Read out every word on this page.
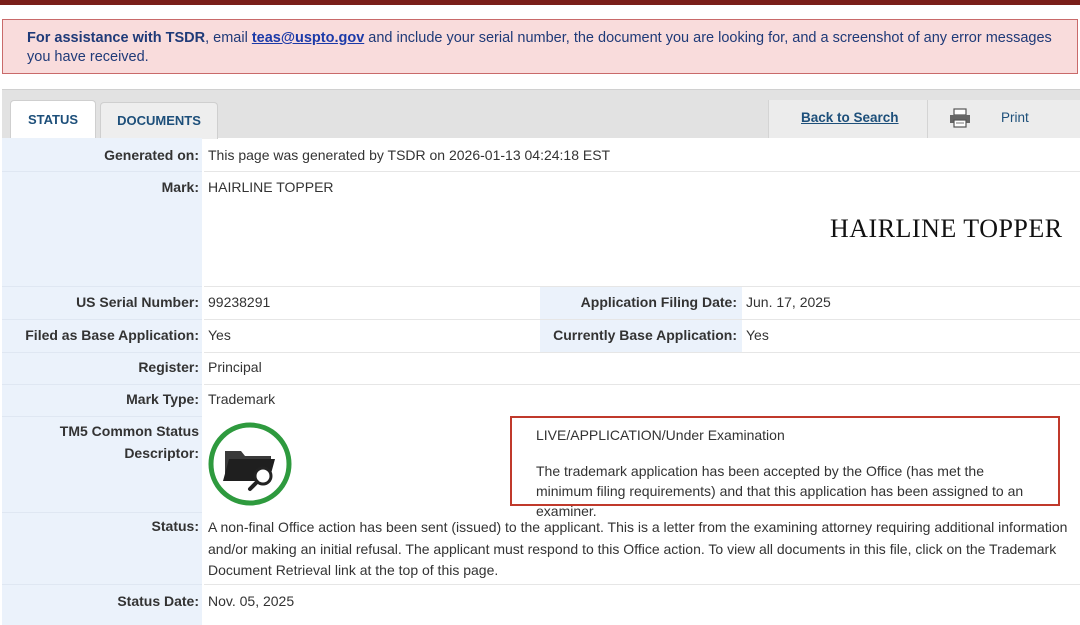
For assistance with TSDR, email teas@uspto.gov and include your serial number, the document you are looking for, and a screenshot of any error messages you have received.
STATUS	DOCUMENTS	Back to Search	Print
Generated on: This page was generated by TSDR on 2026-01-13 04:24:18 EST
Mark: HAIRLINE TOPPER
HAIRLINE TOPPER
US Serial Number: 99238291	Application Filing Date: Jun. 17, 2025
Filed as Base Application: Yes	Currently Base Application: Yes
Register: Principal
Mark Type: Trademark
TM5 Common Status
Descriptor:

LIVE/APPLICATION/Under Examination

The trademark application has been accepted by the Office (has met the minimum filing requirements) and that this application has been assigned to an examiner.

Status: A non-final Office action has been sent (issued) to the applicant. This is a letter from the examining attorney requiring additional information and/or making an initial refusal. The applicant must respond to this Office action. To view all documents in this file, click on the Trademark Document Retrieval link at the top of this page.
Status Date: Nov. 05, 2025
